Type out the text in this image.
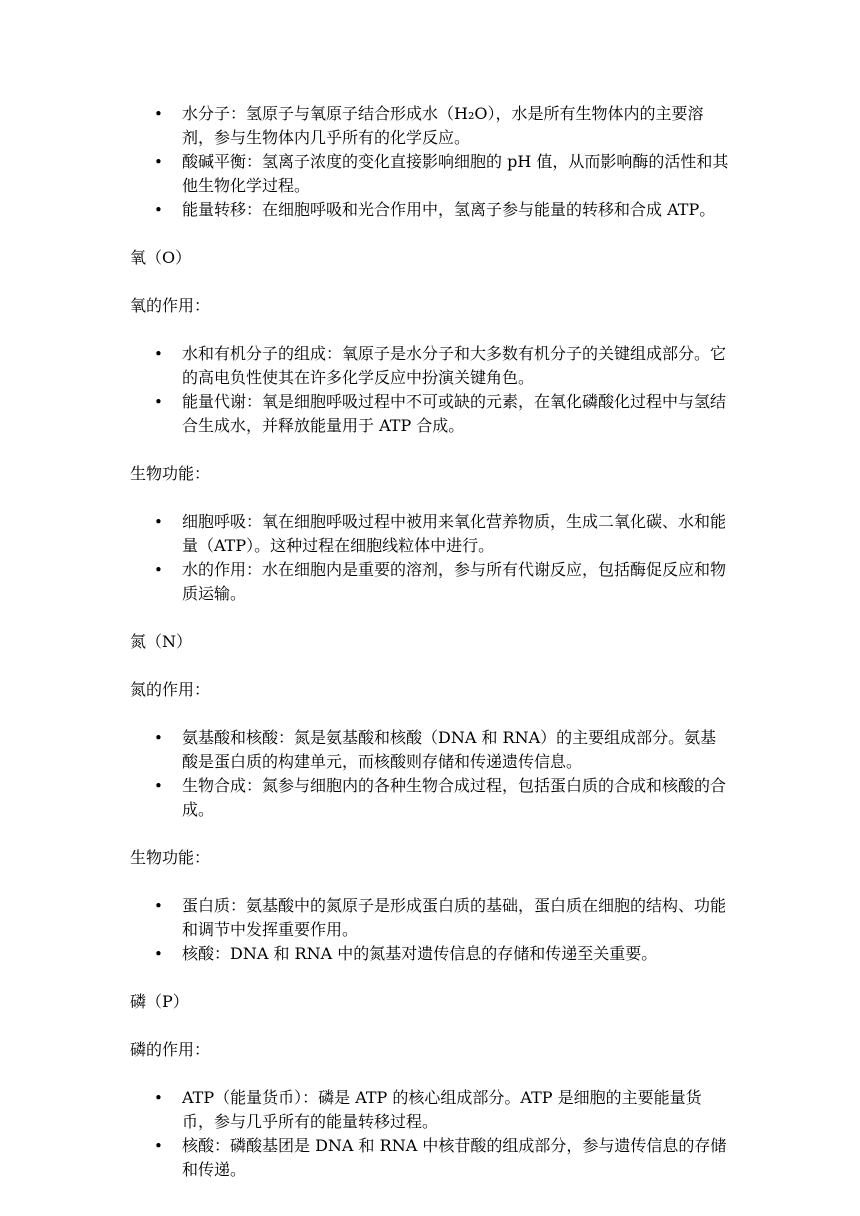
• 水分子：氢原子与氧原子结合形成水（H₂O），水是所有生物体内的主要溶剂，参与生物体内几乎所有的化学反应。
• 酸碱平衡：氢离子浓度的变化直接影响细胞的 pH 值，从而影响酶的活性和其他生物化学过程。
• 能量转移：在细胞呼吸和光合作用中，氢离子参与能量的转移和合成 ATP。

氧（O）

氧的作用：

• 水和有机分子的组成：氧原子是水分子和大多数有机分子的关键组成部分。它的高电负性使其在许多化学反应中扮演关键角色。
• 能量代谢：氧是细胞呼吸过程中不可或缺的元素，在氧化磷酸化过程中与氢结合生成水，并释放能量用于 ATP 合成。

生物功能：

• 细胞呼吸：氧在细胞呼吸过程中被用来氧化营养物质，生成二氧化碳、水和能量（ATP）。这种过程在细胞线粒体中进行。
• 水的作用：水在细胞内是重要的溶剂，参与所有代谢反应，包括酶促反应和物质运输。

氮（N）

氮的作用：

• 氨基酸和核酸：氮是氨基酸和核酸（DNA 和 RNA）的主要组成部分。氨基酸是蛋白质的构建单元，而核酸则存储和传递遗传信息。
• 生物合成：氮参与细胞内的各种生物合成过程，包括蛋白质的合成和核酸的合成。

生物功能：

• 蛋白质：氨基酸中的氮原子是形成蛋白质的基础，蛋白质在细胞的结构、功能和调节中发挥重要作用。
• 核酸：DNA 和 RNA 中的氮基对遗传信息的存储和传递至关重要。

磷（P）

磷的作用：

• ATP（能量货币）：磷是 ATP 的核心组成部分。ATP 是细胞的主要能量货币，参与几乎所有的能量转移过程。
• 核酸：磷酸基团是 DNA 和 RNA 中核苷酸的组成部分，参与遗传信息的存储和传递。
